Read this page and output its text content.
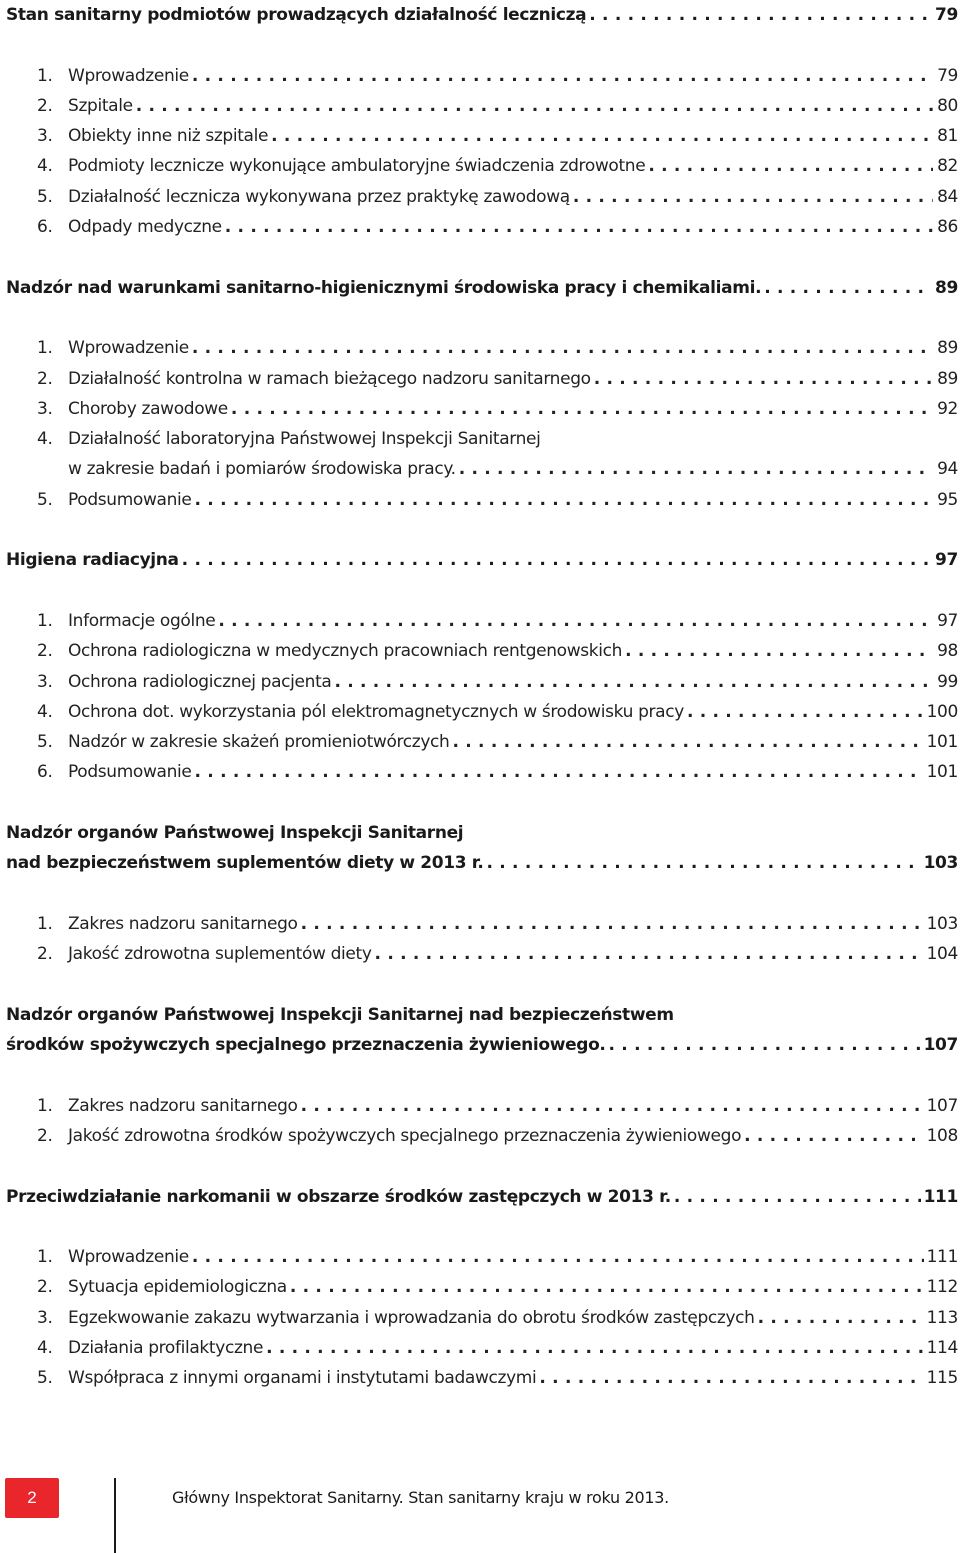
Stan sanitarny podmiotów prowadzących działalność leczniczą . . .	79
1. Wprowadzenie . . .	79
2. Szpitale . . .	80
3. Obiekty inne niż szpitale . . .	81
4. Podmioty lecznicze wykonujące ambulatoryjne świadczenia zdrowotne . . .	82
5. Działalność lecznicza wykonywana przez praktykę zawodową . . .	84
6. Odpady medyczne . . .	86
Nadzór nad warunkami sanitarno-higienicznymi środowiska pracy i chemikaliami. . . .	89
1. Wprowadzenie . . .	89
2. Działalność kontrolna w ramach bieżącego nadzoru sanitarnego . . .	89
3. Choroby zawodowe . . .	92
4. Działalność laboratoryjna Państwowej Inspekcji Sanitarnej
w zakresie badań i pomiarów środowiska pracy. . . .	94
5. Podsumowanie . . .	95
Higiena radiacyjna . . .	97
1. Informacje ogólne . . .	97
2. Ochrona radiologiczna w medycznych pracowniach rentgenowskich . . .	98
3. Ochrona radiologicznej pacjenta . . .	99
4. Ochrona dot. wykorzystania pól elektromagnetycznych w środowisku pracy . . .	100
5. Nadzór w zakresie skażeń promieniotwórczych . . .	101
6. Podsumowanie . . .	101
Nadzór organów Państwowej Inspekcji Sanitarnej
nad bezpieczeństwem suplementów diety w 2013 r. . . .	103
1. Zakres nadzoru sanitarnego . . .	103
2. Jakość zdrowotna suplementów diety . . .	104
Nadzór organów Państwowej Inspekcji Sanitarnej nad bezpieczeństwem
środków spożywczych specjalnego przeznaczenia żywieniowego. . . .	107
1. Zakres nadzoru sanitarnego . . .	107
2. Jakość zdrowotna środków spożywczych specjalnego przeznaczenia żywieniowego . . .	108
Przeciwdziałanie narkomanii w obszarze środków zastępczych w 2013 r. . . .	111
1. Wprowadzenie . . .	111
2. Sytuacja epidemiologiczna . . .	112
3. Egzekwowanie zakazu wytwarzania i wprowadzania do obrotu środków zastępczych . . .	113
4. Działania profilaktyczne . . .	114
5. Współpraca z innymi organami i instytutami badawczymi . . .	115
2	Główny Inspektorat Sanitarny. Stan sanitarny kraju w roku 2013.
